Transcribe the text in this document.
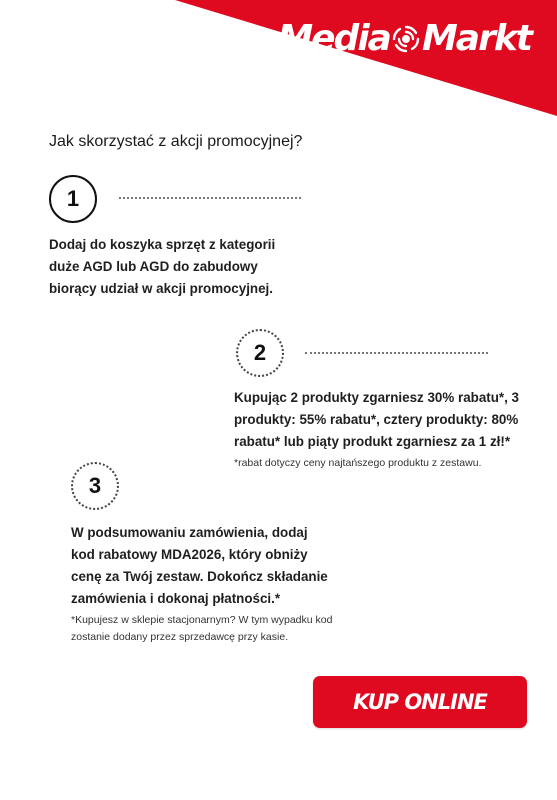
Media Markt
Jak skorzystać z akcji promocyjnej?
1
Dodaj do koszyka sprzęt z kategorii
duże AGD lub AGD do zabudowy
biorący udział w akcji promocyjnej.
2
Kupując 2 produkty zgarniesz 30% rabatu*, 3
produkty: 55% rabatu*, cztery produkty: 80%
rabatu* lub piąty produkt zgarniesz za 1 zł!*
*rabat dotyczy ceny najtańszego produktu z zestawu.
3
W podsumowaniu zamówienia, dodaj
kod rabatowy MDA2026, który obniży
cenę za Twój zestaw. Dokończ składanie
zamówienia i dokonaj płatności.*
*Kupujesz w sklepie stacjonarnym? W tym wypadku kod
zostanie dodany przez sprzedawcę przy kasie.
KUP ONLINE
